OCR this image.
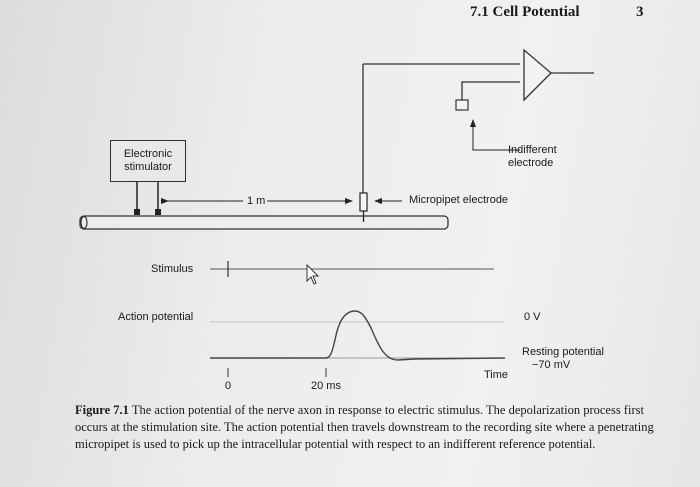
7.1 Cell Potential	3
Electronic
stimulator
1 m	Micropipet electrode
Indifferent
electrode
Stimulus
Action potential	0 V
Resting potential
−70 mV
Time
0	20 ms
Figure 7.1 The action potential of the nerve axon in response to electric stimulus. The depolarization process first occurs at the stimulation site. The action potential then travels downstream to the recording site where a penetrating micropipet is used to pick up the intracellular potential with respect to an indifferent reference potential.
